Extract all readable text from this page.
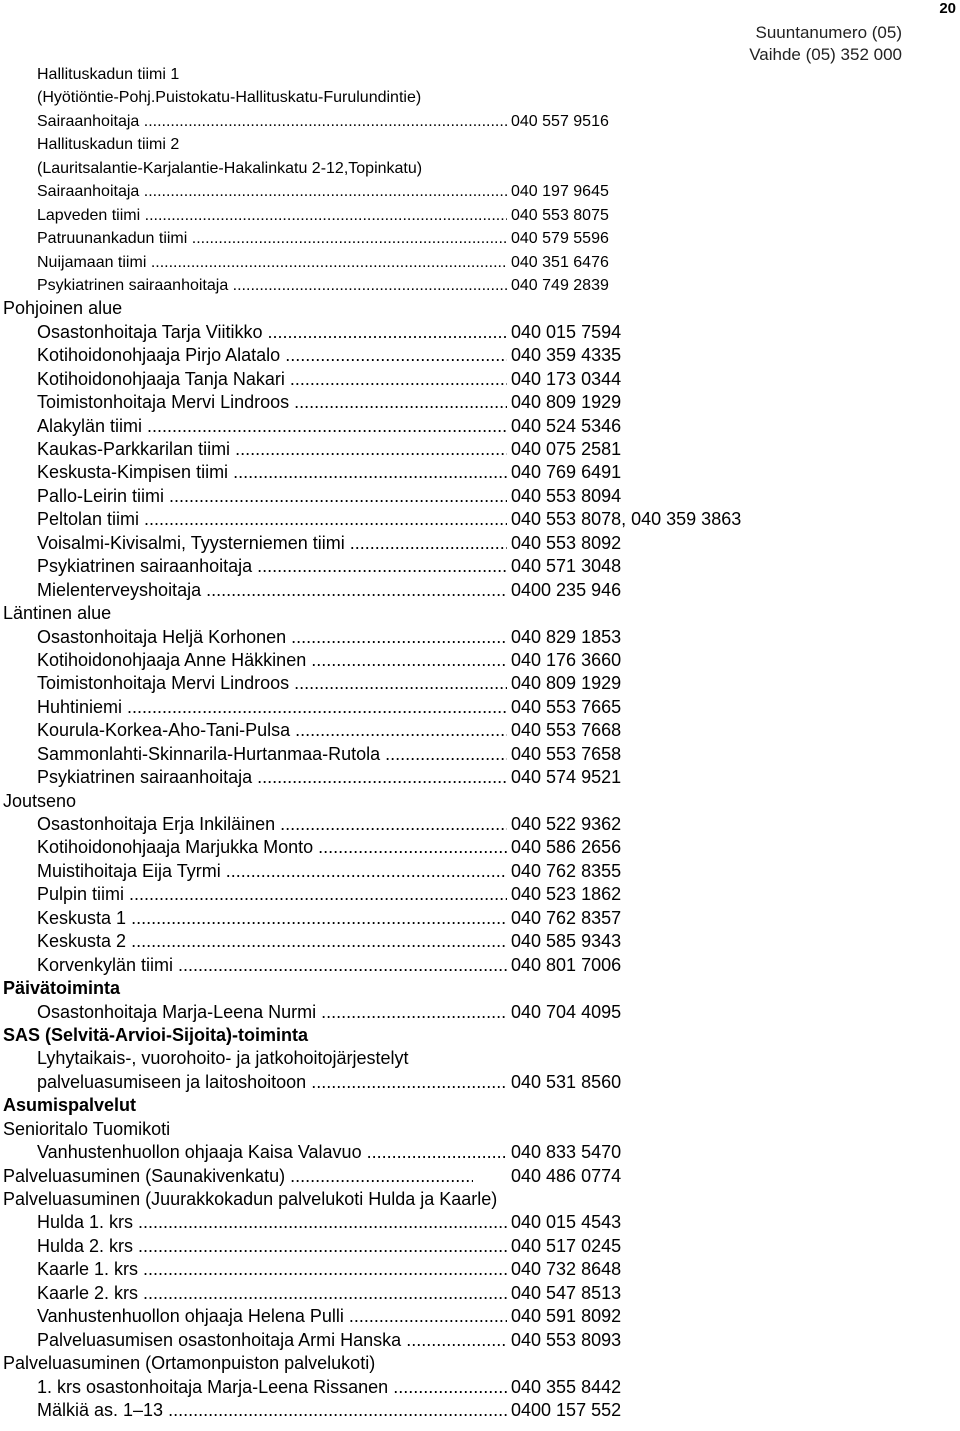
20
Suuntanumero (05)
Vaihde (05) 352 000
Hallituskadun tiimi 1
(Hyötiöntie-Pohj.Puistokatu-Hallituskatu-Furulundintie)
Sairaanhoitaja .....	040 557 9516
Hallituskadun tiimi 2
(Lauritsalantie-Karjalantie-Hakalinkatu 2-12,Topinkatu)
Sairaanhoitaja .....	040 197 9645
Lapveden tiimi .....	040 553 8075
Patruunankadun tiimi .....	040 579 5596
Nuijamaan tiimi .....	040 351 6476
Psykiatrinen sairaanhoitaja .....	040 749 2839
Pohjoinen alue
Osastonhoitaja Tarja Viitikko .....	040 015 7594
Kotihoidonohjaaja Pirjo Alatalo .....	040 359 4335
Kotihoidonohjaaja Tanja Nakari .....	040 173 0344
Toimistonhoitaja Mervi Lindroos .....	040 809 1929
Alakylän tiimi .....	040 524 5346
Kaukas-Parkkarilan tiimi .....	040 075 2581
Keskusta-Kimpisen tiimi .....	040 769 6491
Pallo-Leirin tiimi .....	040 553 8094
Peltolan tiimi .....	040 553 8078, 040 359 3863
Voisalmi-Kivisalmi, Tyysterniemen tiimi .....	040 553 8092
Psykiatrinen sairaanhoitaja .....	040 571 3048
Mielenterveyshoitaja .....	0400 235 946
Läntinen alue
Osastonhoitaja Heljä Korhonen .....	040 829 1853
Kotihoidonohjaaja Anne Häkkinen .....	040 176 3660
Toimistonhoitaja Mervi Lindroos .....	040 809 1929
Huhtiniemi .....	040 553 7665
Kourula-Korkea-Aho-Tani-Pulsa .....	040 553 7668
Sammonlahti-Skinnarila-Hurtanmaa-Rutola .....	040 553 7658
Psykiatrinen sairaanhoitaja .....	040 574 9521
Joutseno
Osastonhoitaja Erja Inkiläinen .....	040 522 9362
Kotihoidonohjaaja Marjukka Monto .....	040 586 2656
Muistihoitaja Eija Tyrmi .....	040 762 8355
Pulpin tiimi .....	040 523 1862
Keskusta 1 .....	040 762 8357
Keskusta 2 .....	040 585 9343
Korvenkylän tiimi .....	040 801 7006
Päivätoiminta
Osastonhoitaja Marja-Leena Nurmi .....	040 704 4095
SAS (Selvitä-Arvioi-Sijoita)-toiminta
Lyhytaikais-, vuorohoito- ja jatkohoitojärjestelyt
palveluasumiseen ja laitoshoitoon .....	040 531 8560
Asumispalvelut
Senioritalo Tuomikoti
Vanhustenhuollon ohjaaja Kaisa Valavuo .....	040 833 5470
Palveluasuminen (Saunakivenkatu) .....	040 486 0774
Palveluasuminen (Juurakkokadun palvelukoti Hulda ja Kaarle)
Hulda 1. krs .....	040 015 4543
Hulda 2. krs .....	040 517 0245
Kaarle 1. krs .....	040 732 8648
Kaarle 2. krs .....	040 547 8513
Vanhustenhuollon ohjaaja Helena Pulli .....	040 591 8092
Palveluasumisen osastonhoitaja Armi Hanska .....	040 553 8093
Palveluasuminen (Ortamonpuiston palvelukoti)
1. krs osastonhoitaja Marja-Leena Rissanen .....	040 355 8442
Mälkiä as. 1–13 .....	0400 157 552
